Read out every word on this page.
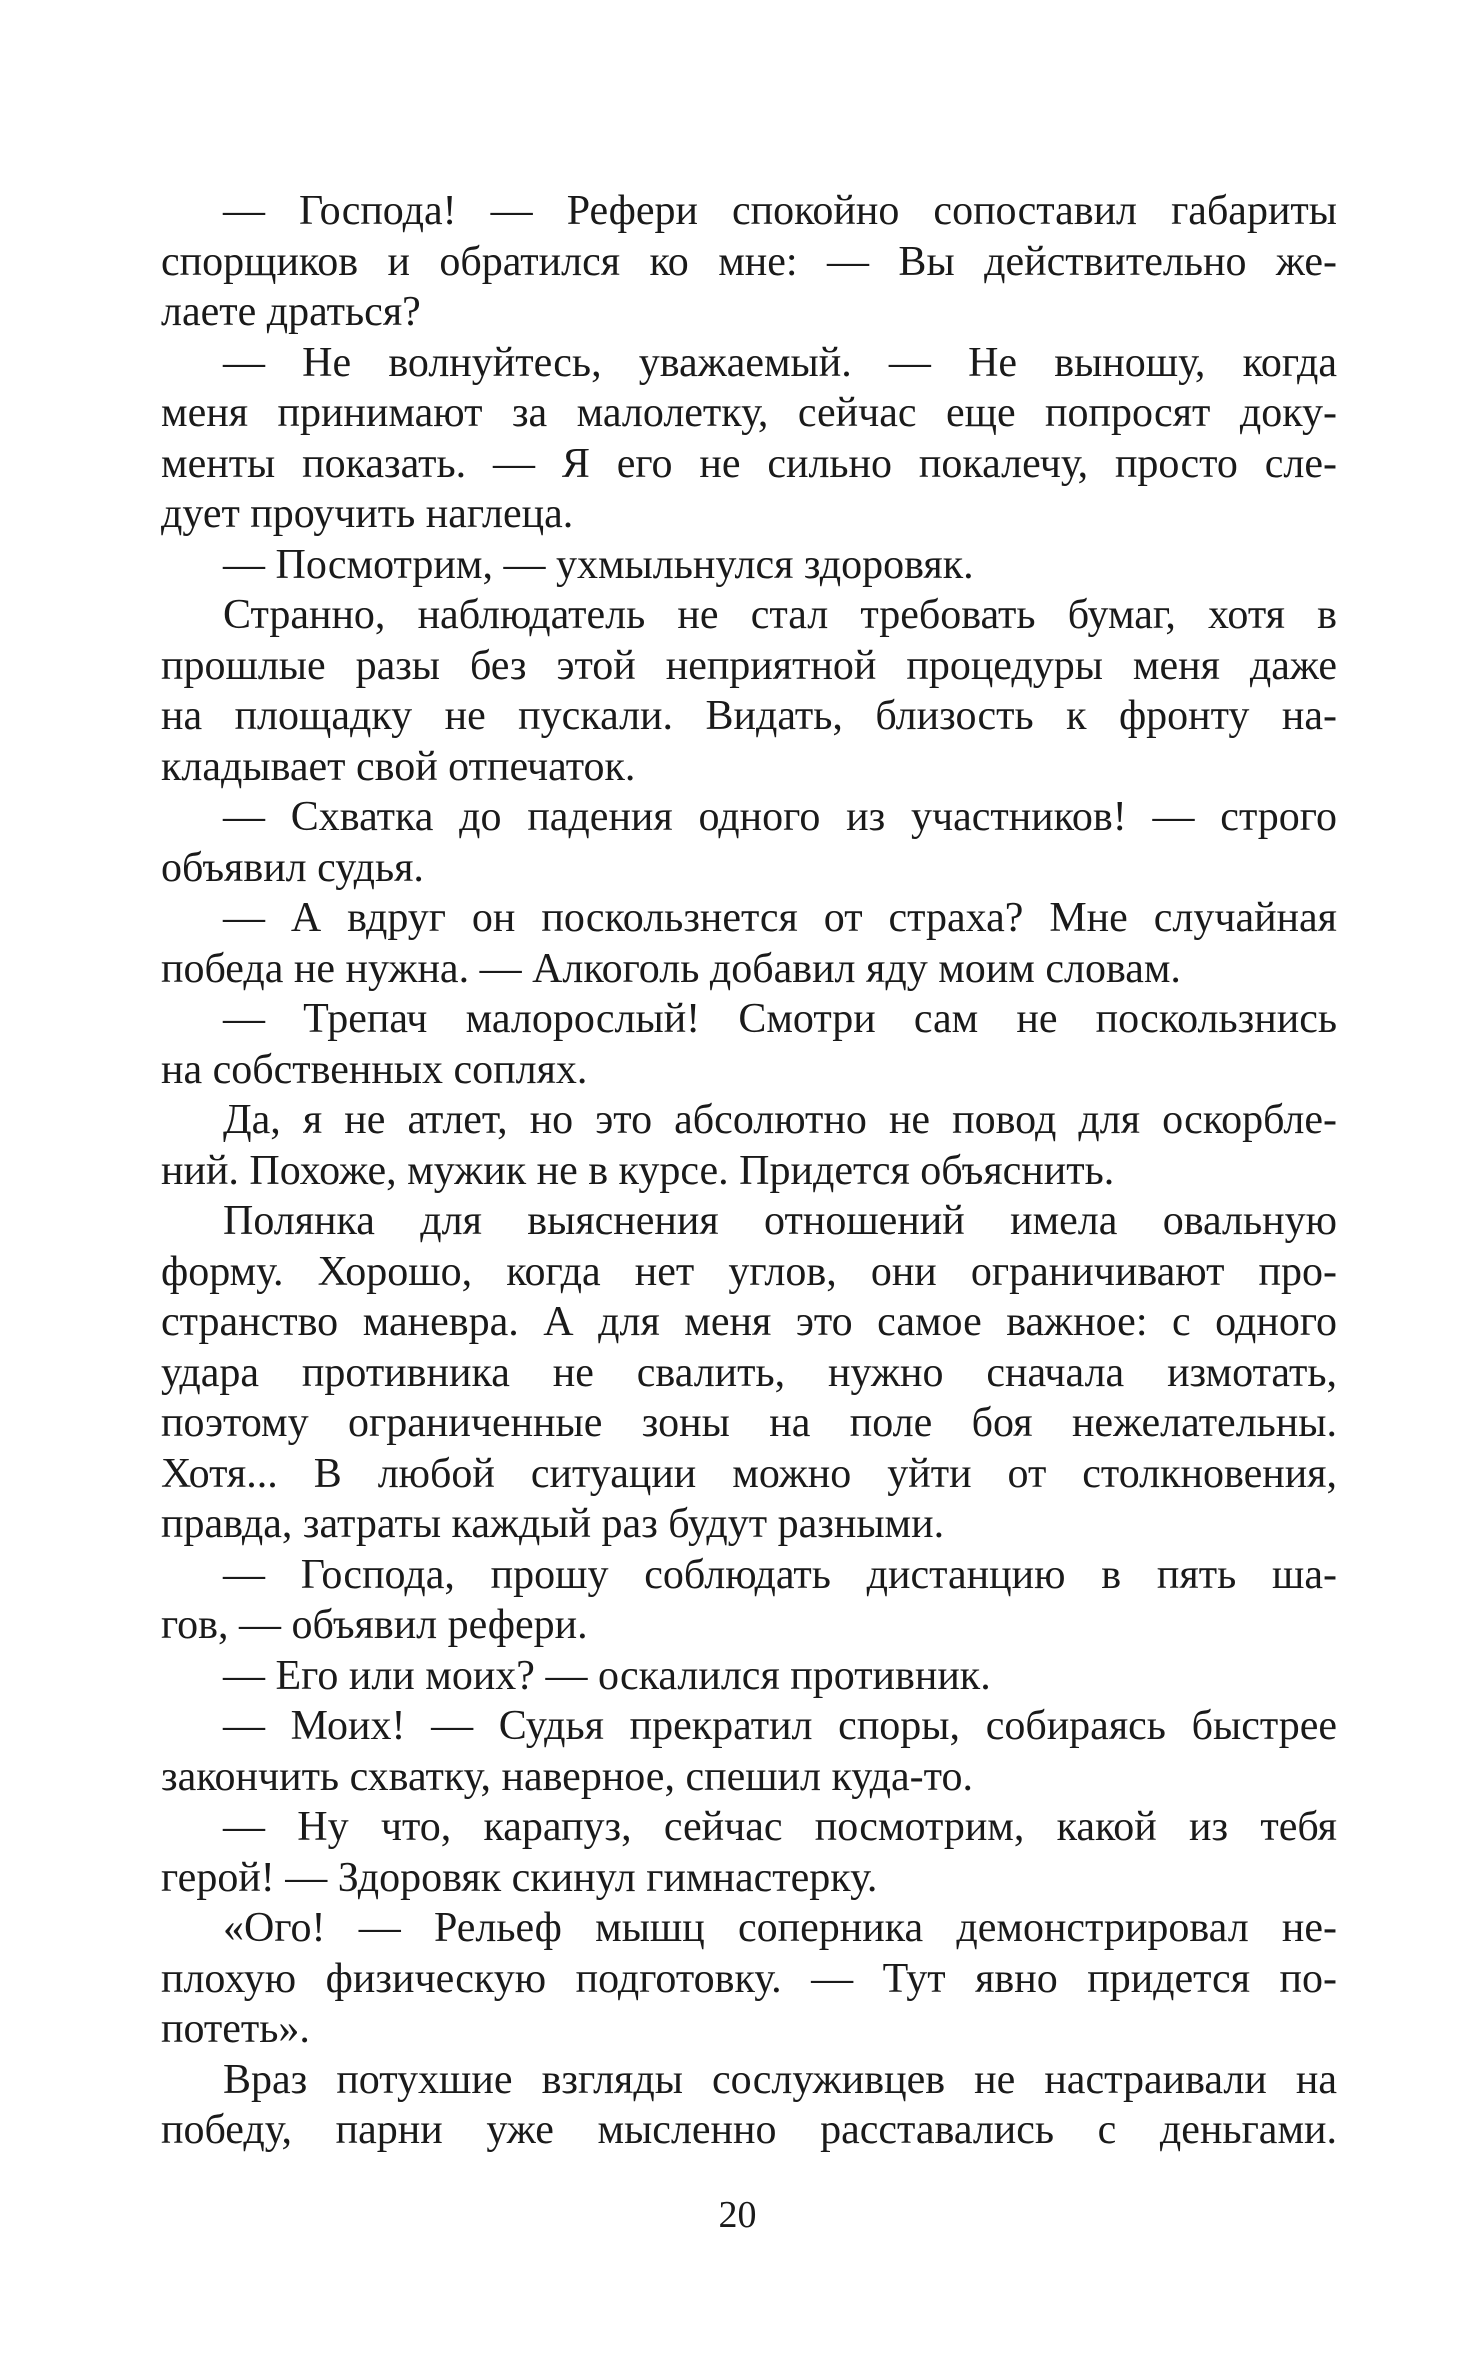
— Господа! — Рефери спокойно сопоставил габариты
спорщиков и обратился ко мне: — Вы действительно же-
лаете драться?
— Не волнуйтесь, уважаемый. — Не выношу, когда
меня принимают за малолетку, сейчас еще попросят доку-
менты показать. — Я его не сильно покалечу, просто сле-
дует проучить наглеца.
— Посмотрим, — ухмыльнулся здоровяк.
Странно, наблюдатель не стал требовать бумаг, хотя в
прошлые разы без этой неприятной процедуры меня даже
на площадку не пускали. Видать, близость к фронту на-
кладывает свой отпечаток.
— Схватка до падения одного из участников! — строго
объявил судья.
— А вдруг он поскользнется от страха? Мне случайная
победа не нужна. — Алкоголь добавил яду моим словам.
— Трепач малорослый! Смотри сам не поскользнись
на собственных соплях.
Да, я не атлет, но это абсолютно не повод для оскорбле-
ний. Похоже, мужик не в курсе. Придется объяснить.
Полянка для выяснения отношений имела овальную
форму. Хорошо, когда нет углов, они ограничивают про-
странство маневра. А для меня это самое важное: с одного
удара противника не свалить, нужно сначала измотать,
поэтому ограниченные зоны на поле боя нежелательны.
Хотя... В любой ситуации можно уйти от столкновения,
правда, затраты каждый раз будут разными.
— Господа, прошу соблюдать дистанцию в пять ша-
гов, — объявил рефери.
— Его или моих? — оскалился противник.
— Моих! — Судья прекратил споры, собираясь быстрее
закончить схватку, наверное, спешил куда-то.
— Ну что, карапуз, сейчас посмотрим, какой из тебя
герой! — Здоровяк скинул гимнастерку.
«Ого! — Рельеф мышц соперника демонстрировал не-
плохую физическую подготовку. — Тут явно придется по-
потеть».
Враз потухшие взгляды сослуживцев не настраивали на
победу, парни уже мысленно расставались с деньгами.
20
